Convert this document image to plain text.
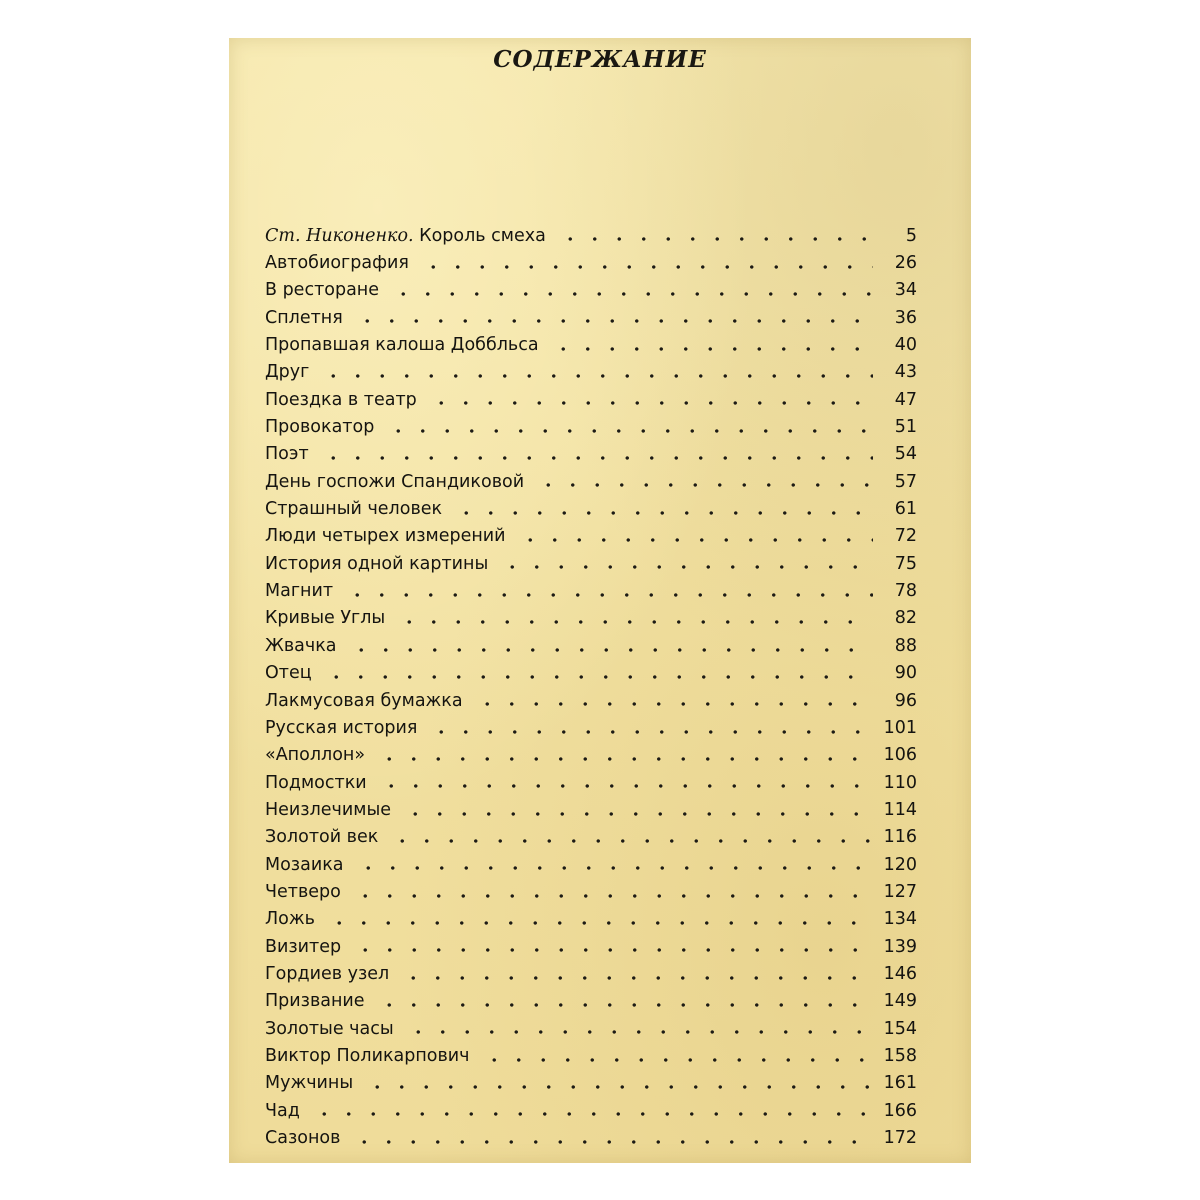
СОДЕРЖАНИЕ
Ст. Никоненко. Король смеха	5
Автобиография	26
В ресторане	34
Сплетня	36
Пропавшая калоша Доббльса	40
Друг	43
Поездка в театр	47
Провокатор	51
Поэт	54
День госпожи Спандиковой	57
Страшный человек	61
Люди четырех измерений	72
История одной картины	75
Магнит	78
Кривые Углы	82
Жвачка	88
Отец	90
Лакмусовая бумажка	96
Русская история	101
«Аполлон»	106
Подмостки	110
Неизлечимые	114
Золотой век	116
Мозаика	120
Четверо	127
Ложь	134
Визитер	139
Гордиев узел	146
Призвание	149
Золотые часы	154
Виктор Поликарпович	158
Мужчины	161
Чад	166
Сазонов	172
